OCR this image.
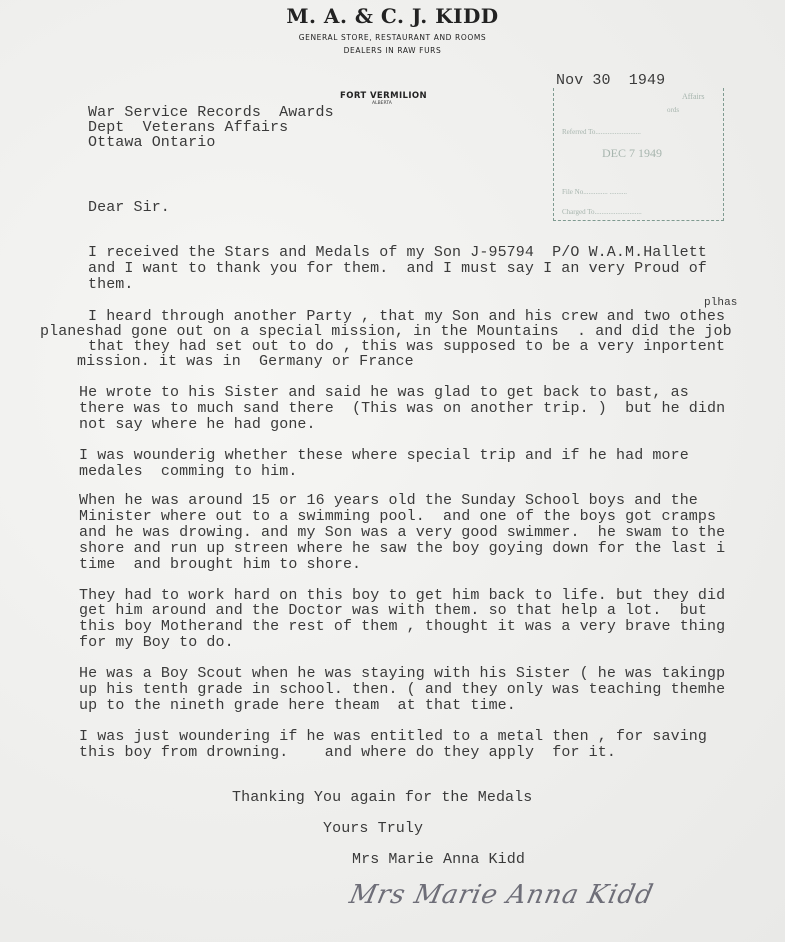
M. A. & C. J. KIDD
GENERAL STORE, RESTAURANT AND ROOMS
DEALERS IN RAW FURS
FORT VERMILION
ALBERTA
Nov 30  1949
Affairs
ords
Referred To..........................
DEC 7 1949
File No.............. ..........
Charged To...........................
War Service Records  Awards
Dept  Veterans Affairs
Ottawa Ontario
Dear Sir.
I received the Stars and Medals of my Son J-95794  P/O W.A.M.Hallett
and I want to thank you for them.  and I must say I an very Proud of
them.
plhas
I heard through another Party , that my Son and his crew and two othes
planeshad gone out on a special mission, in the Mountains  . and did the job
that they had set out to do , this was supposed to be a very inportent
mission. it was in  Germany or France
He wrote to his Sister and said he was glad to get back to bast, as
there was to much sand there  (This was on another trip. )  but he didn
not say where he had gone.
I was wounderig whether these where special trip and if he had more
medales  comming to him.
When he was around 15 or 16 years old the Sunday School boys and the
Minister where out to a swimming pool.  and one of the boys got cramps
and he was drowing. and my Son was a very good swimmer.  he swam to the
shore and run up streen where he saw the boy goying down for the last i
time  and brought him to shore.
They had to work hard on this boy to get him back to life. but they did
get him around and the Doctor was with them. so that help a lot.  but
this boy Motherand the rest of them , thought it was a very brave thing
for my Boy to do.
He was a Boy Scout when he was staying with his Sister ( he was takingp
up his tenth grade in school. then. ( and they only was teaching themhe
up to the nineth grade here theam  at that time.
I was just woundering if he was entitled to a metal then , for saving
this boy from drowning.    and where do they apply  for it.
Thanking You again for the Medals
Yours Truly
Mrs Marie Anna Kidd
Mrs Marie Anna Kidd
